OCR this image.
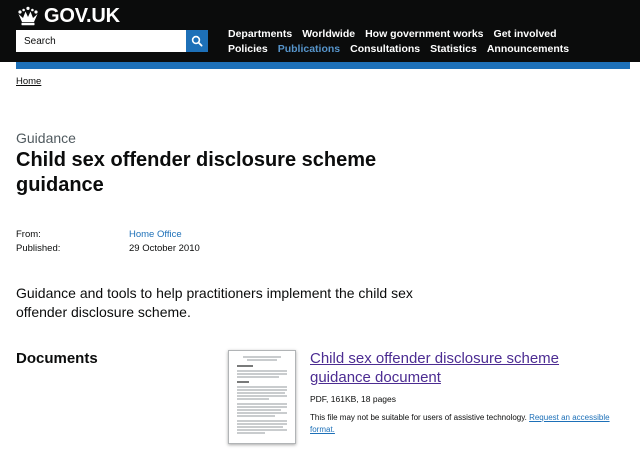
GOV.UK
Search
Departments Worldwide How government works Get involved
Policies Publications Consultations Statistics Announcements
Home
Guidance
Child sex offender disclosure scheme guidance
From:	Home Office
Published:	29 October 2010

Guidance and tools to help practitioners implement the child sex offender disclosure scheme.

Documents	Child sex offender disclosure scheme guidance document
PDF, 161KB, 18 pages

This file may not be suitable for users of assistive technology. Request an accessible format.
